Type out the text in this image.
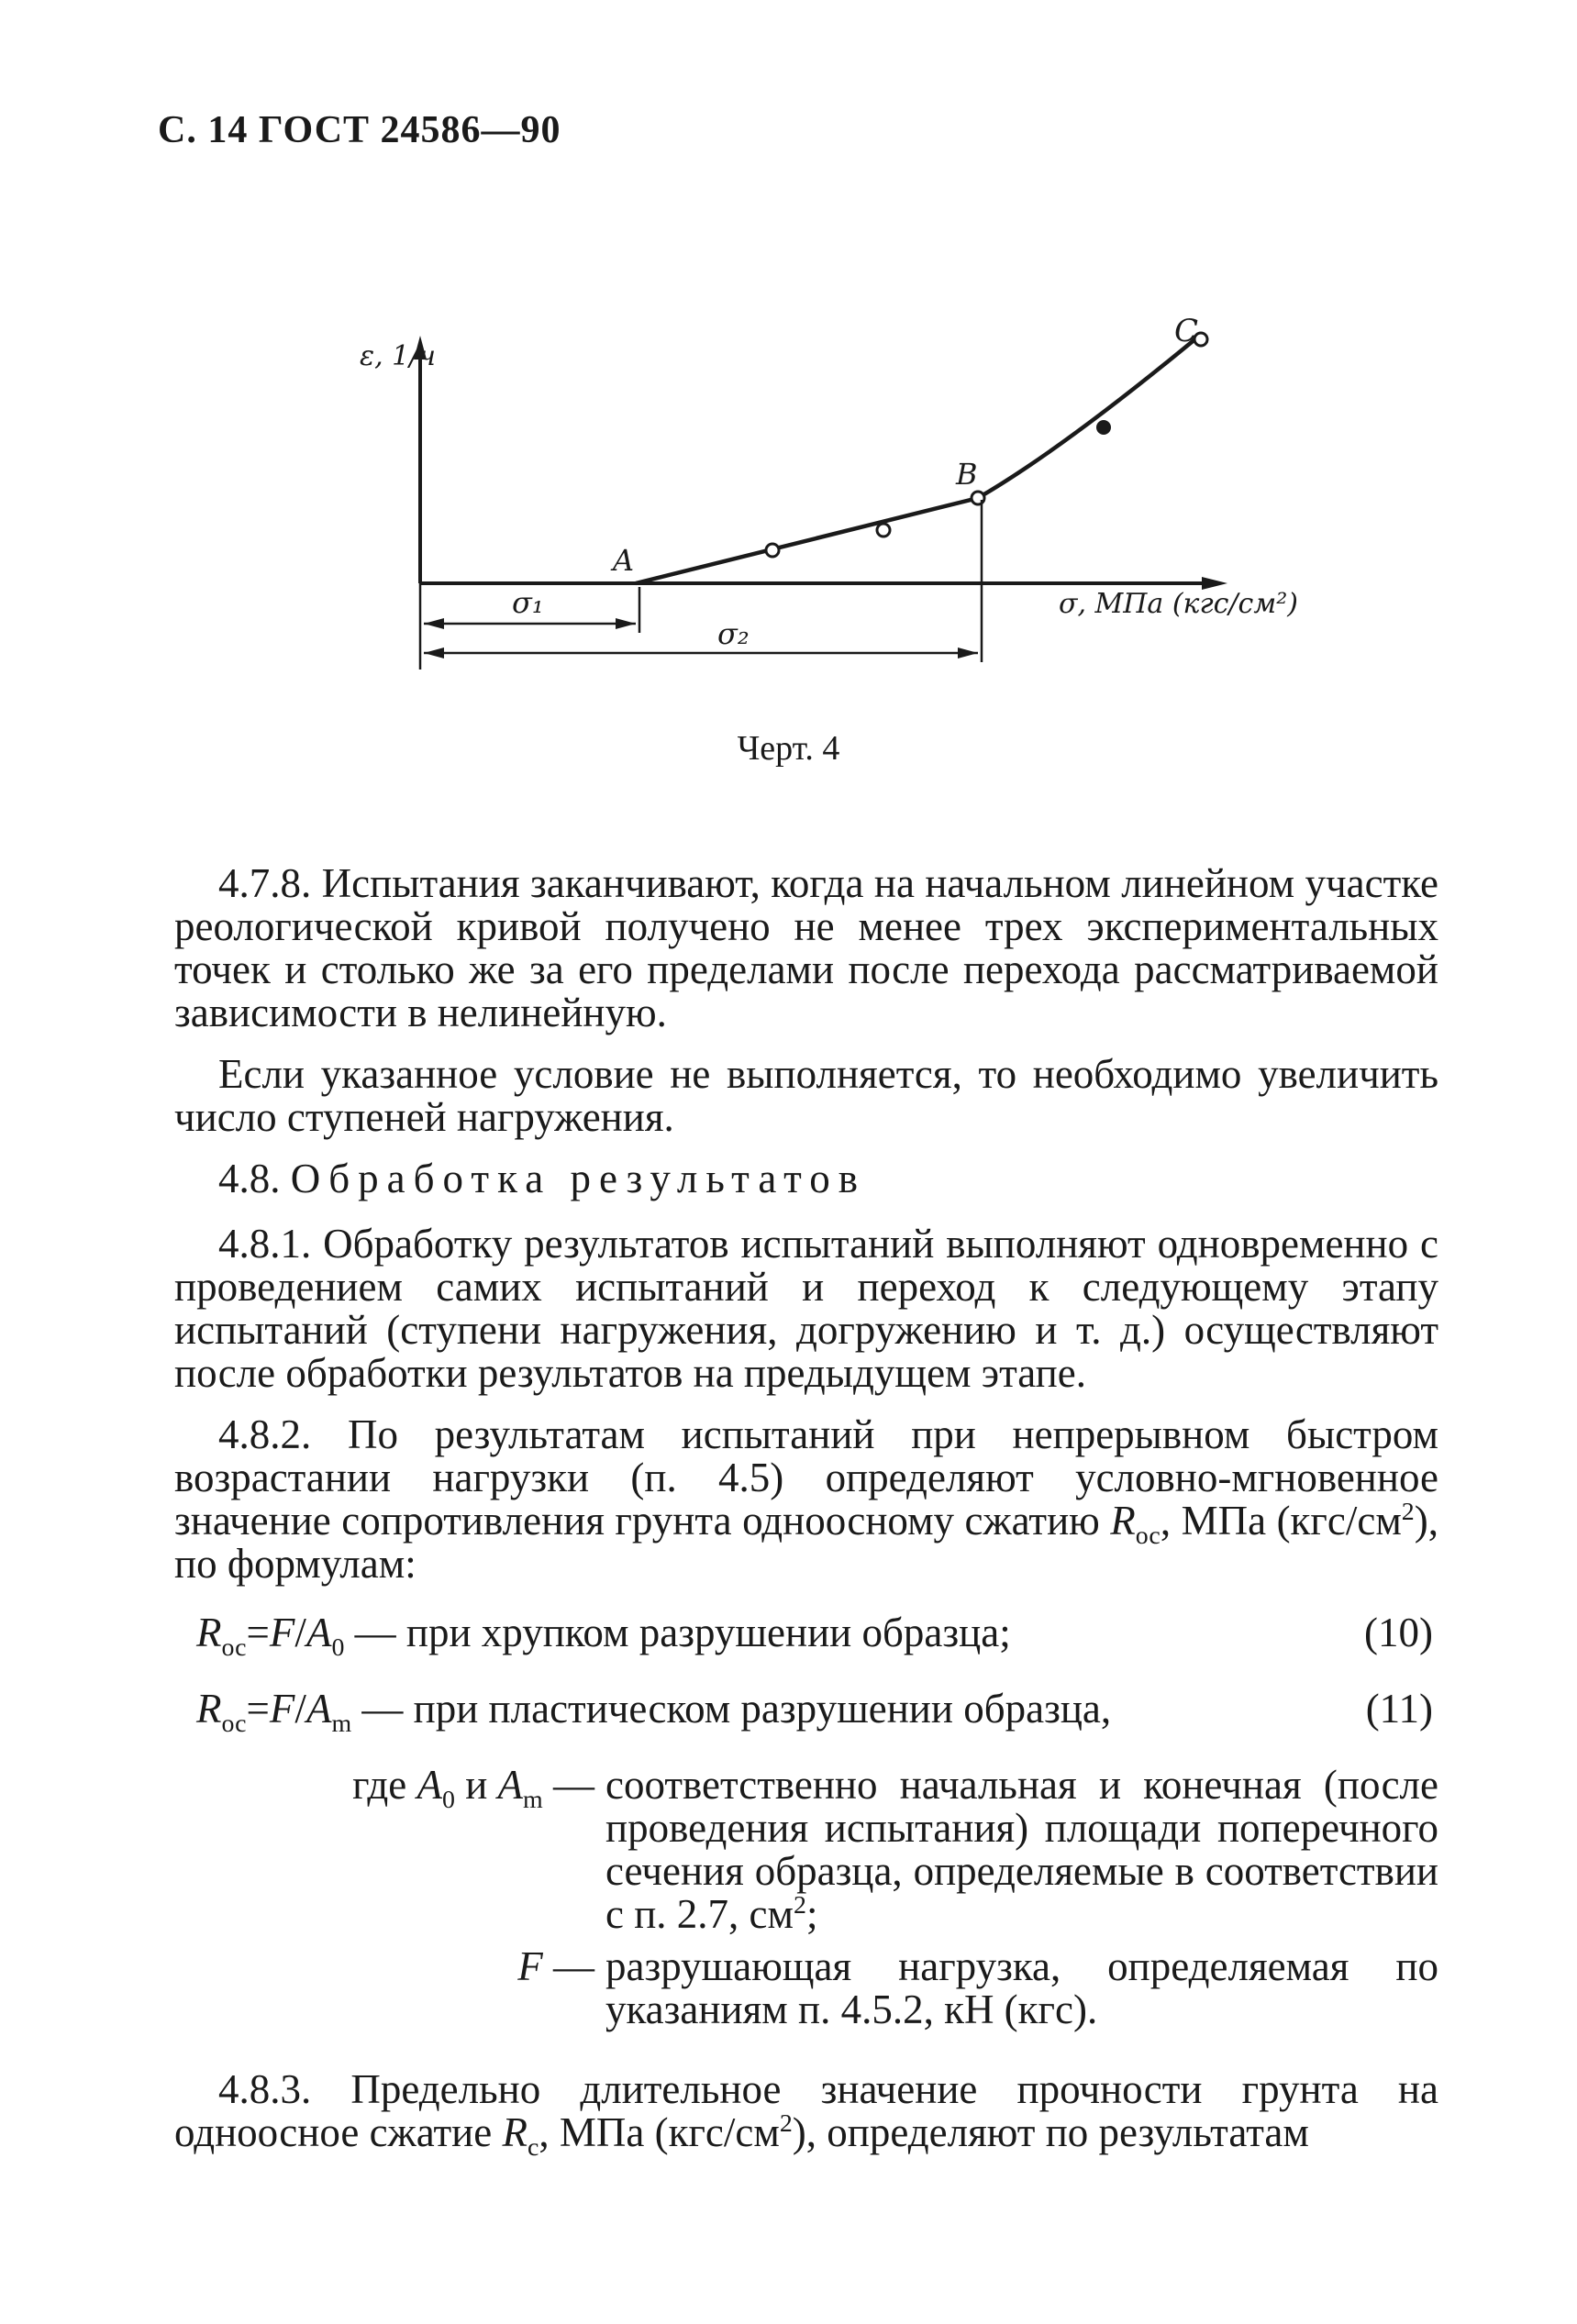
С. 14 ГОСТ 24586—90
ε, 1/ч
σ, МПа (кгс/см²)
A
B
C
σ₁
σ₂
Черт. 4

4.7.8. Испытания заканчивают, когда на начальном линейном участке реологической кривой получено не менее трех экспериментальных точек и столько же за его пределами после перехода рассматриваемой зависимости в нелинейную.

Если указанное условие не выполняется, то необходимо увеличить число ступеней нагружения.

4.8. Обработка результатов

4.8.1. Обработку результатов испытаний выполняют одновременно с проведением самих испытаний и переход к следующему этапу испытаний (ступени нагружения, догружению и т. д.) осуществляют после обработки результатов на предыдущем этапе.

4.8.2. По результатам испытаний при непрерывном быстром возрастании нагрузки (п. 4.5) определяют условно-мгновенное значение сопротивления грунта одноосному сжатию $R_{ос}$, МПа $(кгс/см^2)$, по формулам:

$R_{ос}=F/A_0$ — при хрупком разрушении образца;	(10)
$R_{ос}=F/A_m$ — при пластическом разрушении образца,	(11)
где $A_0$ и $A_m$ — соответственно начальная и конечная (после проведения испытания) площади поперечного сечения образца, определяемые в соответствии с п. 2.7, $см^2$;
F — разрушающая нагрузка, определяемая по указаниям п. 4.5.2, кН (кгс).

4.8.3. Предельно длительное значение прочности грунта на одноосное сжатие $R_с$, МПа $(кгс/см^2)$, определяют по результатам
